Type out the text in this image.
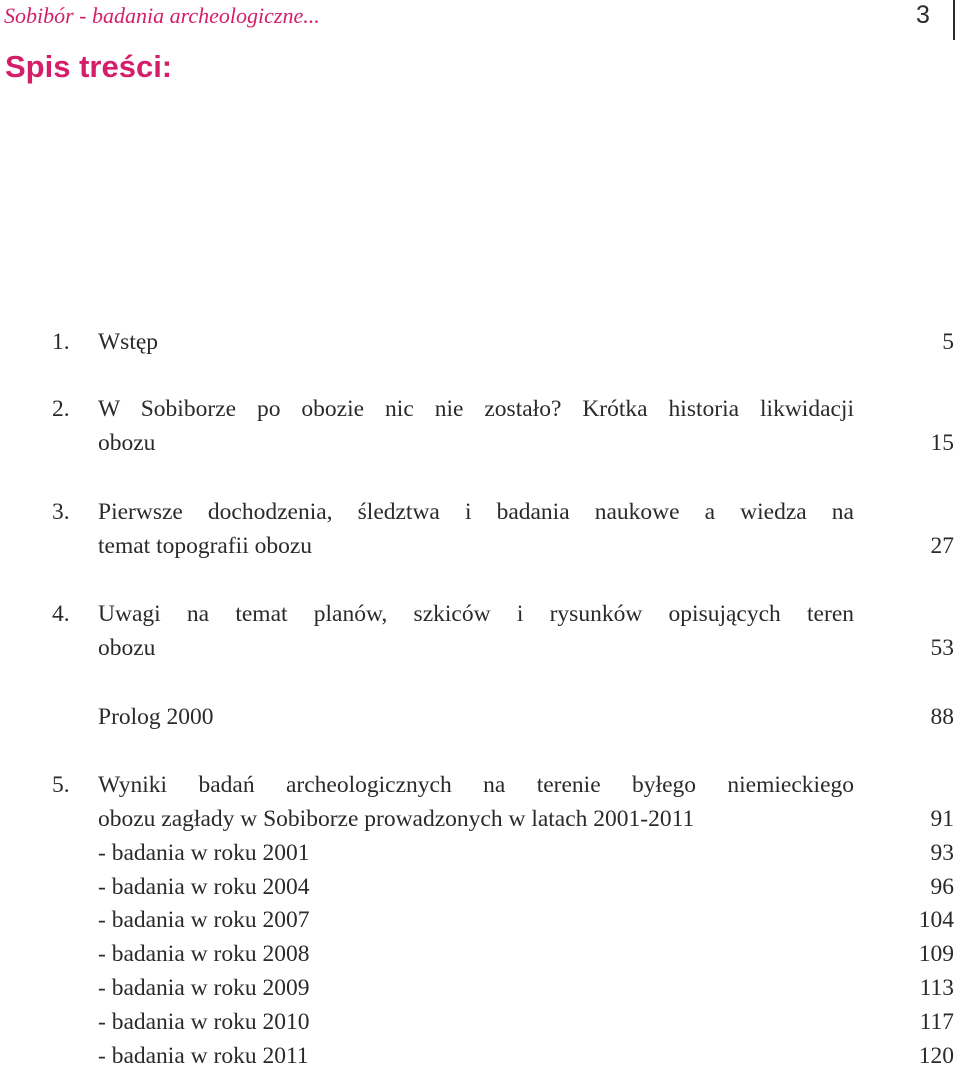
Sobibór - badania archeologiczne...	3
Spis treści:
1. Wstęp	5
2. W Sobiborze po obozie nic nie zostało? Krótka historia likwidacji
obozu	15
3. Pierwsze dochodzenia, śledztwa i badania naukowe a wiedza na
temat topografii obozu	27
4. Uwagi na temat planów, szkiców i rysunków opisujących teren
obozu	53
Prolog 2000	88
5. Wyniki badań archeologicznych na terenie byłego niemieckiego
obozu zagłady w Sobiborze prowadzonych w latach 2001-2011	91
- badania w roku 2001	93
- badania w roku 2004	96
- badania w roku 2007	104
- badania w roku 2008	109
- badania w roku 2009	113
- badania w roku 2010	117
- badania w roku 2011	120
